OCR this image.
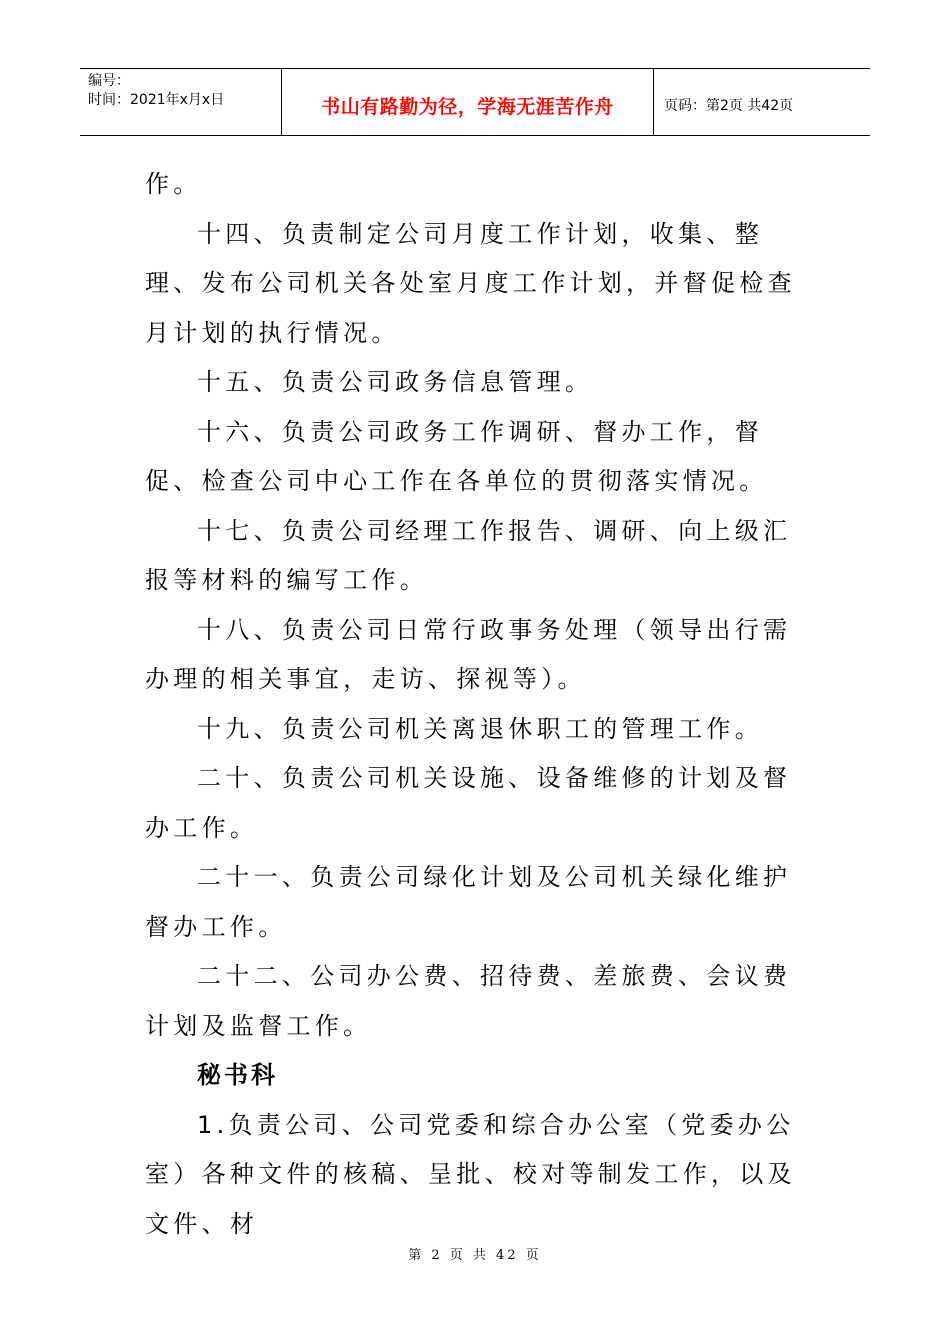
编号：
时间：2021年x月x日	书山有路勤为径，学海无涯苦作舟	页码：第2页 共42页

作。

十四、负责制定公司月度工作计划，收集、整理、发布公司机关各处室月度工作计划，并督促检查月计划的执行情况。

十五、负责公司政务信息管理。

十六、负责公司政务工作调研、督办工作，督促、检查公司中心工作在各单位的贯彻落实情况。

十七、负责公司经理工作报告、调研、向上级汇报等材料的编写工作。

十八、负责公司日常行政事务处理（领导出行需办理的相关事宜，走访、探视等）。

十九、负责公司机关离退休职工的管理工作。

二十、负责公司机关设施、设备维修的计划及督办工作。

二十一、负责公司绿化计划及公司机关绿化维护督办工作。

二十二、公司办公费、招待费、差旅费、会议费计划及监督工作。

秘书科

1.负责公司、公司党委和综合办公室（党委办公室）各种文件的核稿、呈批、校对等制发工作，以及文件、材

第 2 页 共 42 页
